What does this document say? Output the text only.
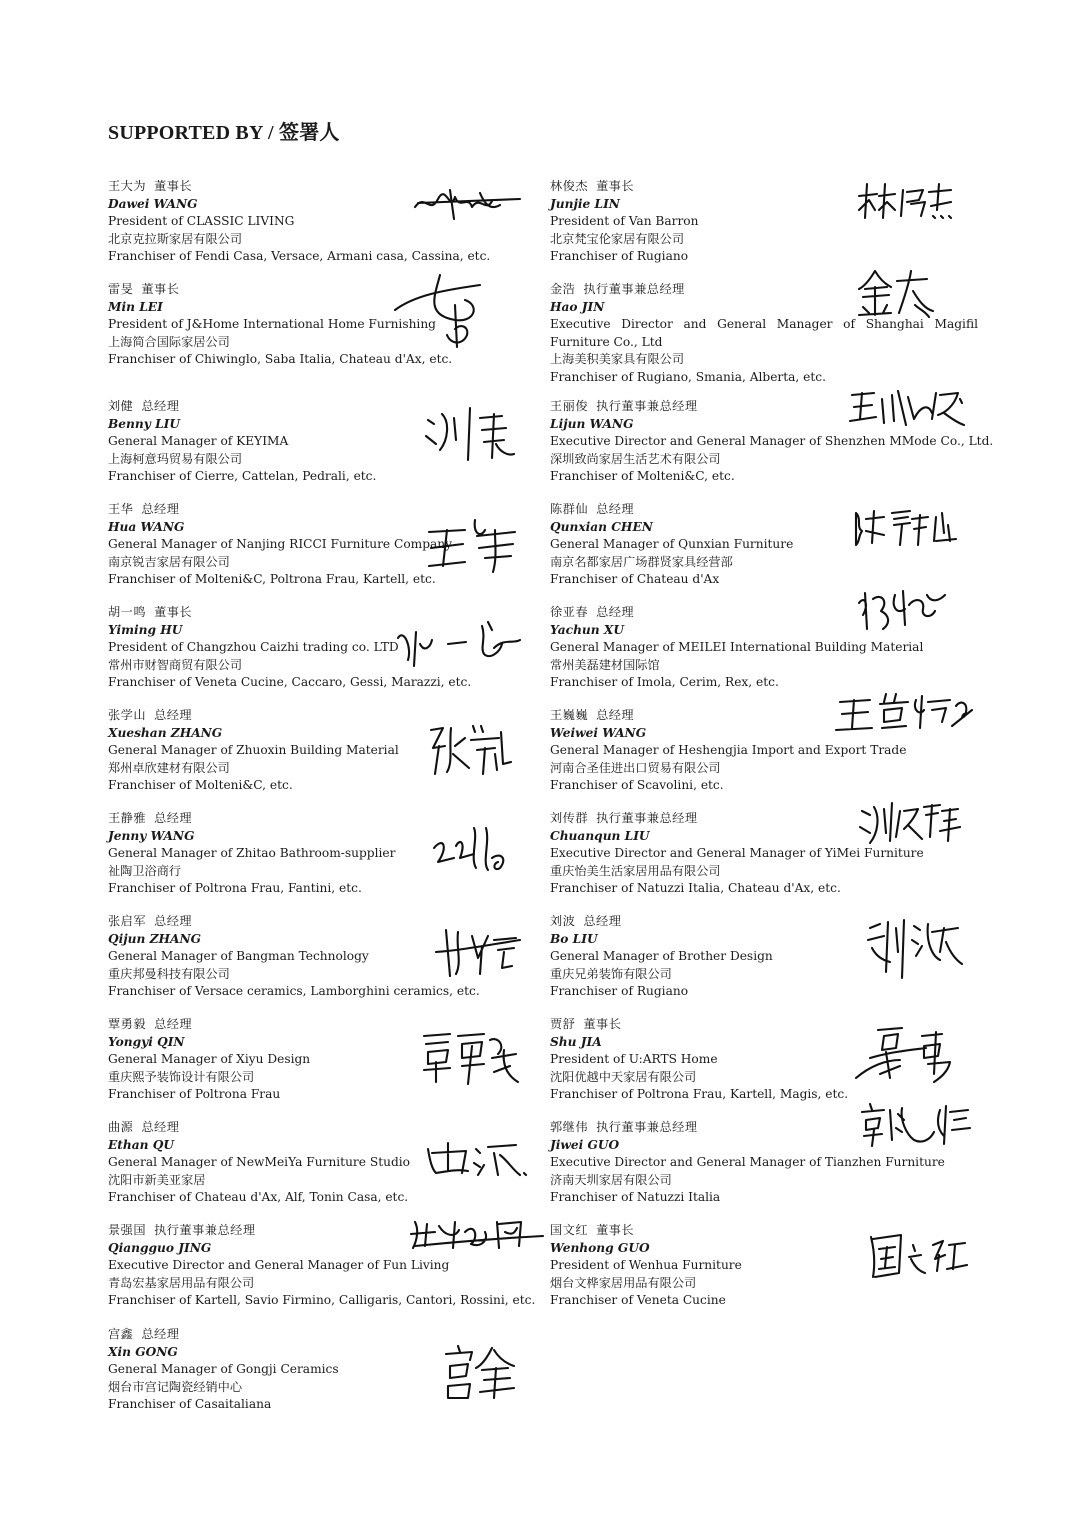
SUPPORTED BY / 签署人
王大为 董事长
Dawei WANG
President of CLASSIC LIVING
北京克拉斯家居有限公司
Franchiser of Fendi Casa, Versace, Armani casa, Cassina, etc.
雷旻 董事长
Min LEI
President of J&Home International Home Furnishing
上海简合国际家居公司
Franchiser of Chiwinglo, Saba Italia, Chateau d'Ax, etc.
刘健 总经理
Benny LIU
General Manager of KEYIMA
上海柯意玛贸易有限公司
Franchiser of Cierre, Cattelan, Pedrali, etc.
王华 总经理
Hua WANG
General Manager of Nanjing RICCI Furniture Company
南京锐吉家居有限公司
Franchiser of Molteni&C, Poltrona Frau, Kartell, etc.
胡一鸣 董事长
Yiming HU
President of Changzhou Caizhi trading co. LTD
常州市财智商贸有限公司
Franchiser of Veneta Cucine, Caccaro, Gessi, Marazzi, etc.
张学山 总经理
Xueshan ZHANG
General Manager of Zhuoxin Building Material
郑州卓欣建材有限公司
Franchiser of Molteni&C, etc.
王静雅 总经理
Jenny WANG
General Manager of Zhitao Bathroom-supplier
祉陶卫浴商行
Franchiser of Poltrona Frau, Fantini, etc.
张启军 总经理
Qijun ZHANG
General Manager of Bangman Technology
重庆邦曼科技有限公司
Franchiser of Versace ceramics, Lamborghini ceramics, etc.
覃勇毅 总经理
Yongyi QIN
General Manager of Xiyu Design
重庆熙予装饰设计有限公司
Franchiser of Poltrona Frau
曲源 总经理
Ethan QU
General Manager of NewMeiYa Furniture Studio
沈阳市新美亚家居
Franchiser of Chateau d'Ax, Alf, Tonin Casa, etc.
景强国 执行董事兼总经理
Qiangguo JING
Executive Director and General Manager of Fun Living
青岛宏基家居用品有限公司
Franchiser of Kartell, Savio Firmino, Calligaris, Cantori, Rossini, etc.
宫鑫 总经理
Xin GONG
General Manager of Gongji Ceramics
烟台市宫记陶瓷经销中心
Franchiser of Casaitaliana
林俊杰 董事长
Junjie LIN
President of Van Barron
北京梵宝伦家居有限公司
Franchiser of Rugiano
金浩 执行董事兼总经理
Hao JIN
Executive Director and General Manager of Shanghai Magifil Furniture Co., Ltd
上海美积美家具有限公司
Franchiser of Rugiano, Smania, Alberta, etc.
王丽俊 执行董事兼总经理
Lijun WANG
Executive Director and General Manager of Shenzhen MMode Co., Ltd.
深圳致尚家居生活艺术有限公司
Franchiser of Molteni&C, etc.
陈群仙 总经理
Qunxian CHEN
General Manager of Qunxian Furniture
南京名都家居广场群贤家具经营部
Franchiser of Chateau d'Ax
徐亚春 总经理
Yachun XU
General Manager of MEILEI International Building Material
常州美磊建材国际馆
Franchiser of Imola, Cerim, Rex, etc.
王巍巍 总经理
Weiwei WANG
General Manager of Heshengjia Import and Export Trade
河南合圣佳进出口贸易有限公司
Franchiser of Scavolini, etc.
刘传群 执行董事兼总经理
Chuanqun LIU
Executive Director and General Manager of YiMei Furniture
重庆怡美生活家居用品有限公司
Franchiser of Natuzzi Italia, Chateau d'Ax, etc.
刘波 总经理
Bo LIU
General Manager of Brother Design
重庆兄弟装饰有限公司
Franchiser of Rugiano
贾舒 董事长
Shu JIA
President of U:ARTS Home
沈阳优越中天家居有限公司
Franchiser of Poltrona Frau, Kartell, Magis, etc.
郭继伟 执行董事兼总经理
Jiwei GUO
Executive Director and General Manager of Tianzhen Furniture
济南天圳家居有限公司
Franchiser of Natuzzi Italia
国文红 董事长
Wenhong GUO
President of Wenhua Furniture
烟台文桦家居用品有限公司
Franchiser of Veneta Cucine
